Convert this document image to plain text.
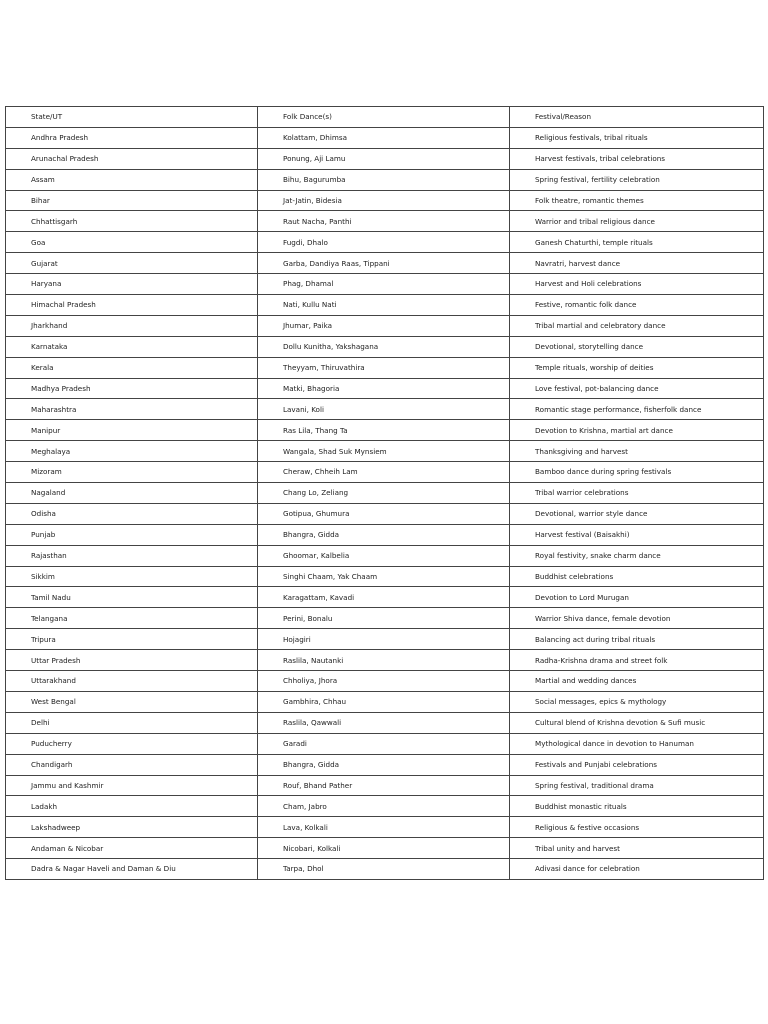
State/UT	Folk Dance(s)	Festival/Reason
Andhra Pradesh	Kolattam, Dhimsa	Religious festivals, tribal rituals
Arunachal Pradesh	Ponung, Aji Lamu	Harvest festivals, tribal celebrations
Assam	Bihu, Bagurumba	Spring festival, fertility celebration
Bihar	Jat-Jatin, Bidesia	Folk theatre, romantic themes
Chhattisgarh	Raut Nacha, Panthi	Warrior and tribal religious dance
Goa	Fugdi, Dhalo	Ganesh Chaturthi, temple rituals
Gujarat	Garba, Dandiya Raas, Tippani	Navratri, harvest dance
Haryana	Phag, Dhamal	Harvest and Holi celebrations
Himachal Pradesh	Nati, Kullu Nati	Festive, romantic folk dance
Jharkhand	Jhumar, Paika	Tribal martial and celebratory dance
Karnataka	Dollu Kunitha, Yakshagana	Devotional, storytelling dance
Kerala	Theyyam, Thiruvathira	Temple rituals, worship of deities
Madhya Pradesh	Matki, Bhagoria	Love festival, pot-balancing dance
Maharashtra	Lavani, Koli	Romantic stage performance, fisherfolk dance
Manipur	Ras Lila, Thang Ta	Devotion to Krishna, martial art dance
Meghalaya	Wangala, Shad Suk Mynsiem	Thanksgiving and harvest
Mizoram	Cheraw, Chheih Lam	Bamboo dance during spring festivals
Nagaland	Chang Lo, Zeliang	Tribal warrior celebrations
Odisha	Gotipua, Ghumura	Devotional, warrior style dance
Punjab	Bhangra, Gidda	Harvest festival (Baisakhi)
Rajasthan	Ghoomar, Kalbelia	Royal festivity, snake charm dance
Sikkim	Singhi Chaam, Yak Chaam	Buddhist celebrations
Tamil Nadu	Karagattam, Kavadi	Devotion to Lord Murugan
Telangana	Perini, Bonalu	Warrior Shiva dance, female devotion
Tripura	Hojagiri	Balancing act during tribal rituals
Uttar Pradesh	Raslila, Nautanki	Radha-Krishna drama and street folk
Uttarakhand	Chholiya, Jhora	Martial and wedding dances
West Bengal	Gambhira, Chhau	Social messages, epics & mythology
Delhi	Raslila, Qawwali	Cultural blend of Krishna devotion & Sufi music
Puducherry	Garadi	Mythological dance in devotion to Hanuman
Chandigarh	Bhangra, Gidda	Festivals and Punjabi celebrations
Jammu and Kashmir	Rouf, Bhand Pather	Spring festival, traditional drama
Ladakh	Cham, Jabro	Buddhist monastic rituals
Lakshadweep	Lava, Kolkali	Religious & festive occasions
Andaman & Nicobar	Nicobari, Kolkali	Tribal unity and harvest
Dadra & Nagar Haveli and Daman & Diu	Tarpa, Dhol	Adivasi dance for celebration
